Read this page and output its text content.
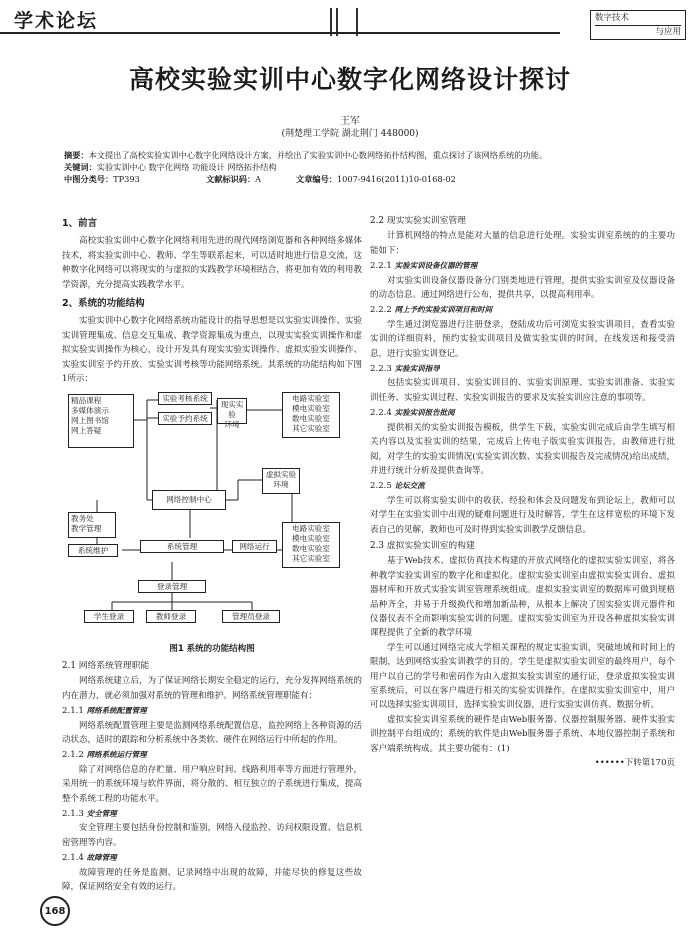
学术论坛	数字技术
与应用
高校实验实训中心数字化网络设计探讨
王军
(荆楚理工学院 湖北荆门 448000)
摘要：本文提出了高校实验实训中心数字化网络设计方案，并绘出了实验实训中心数网络拓扑结构图，重点探讨了该网络系统的功能。
关键词：实验实训中心 数字化网络 功能设计 网络拓扑结构
中图分类号：TP393	文献标识码：A	文章编号：1007-9416(2011)10-0168-02
1、前言

高校实验实训中心数字化网络利用先进的现代网络浏览器和各种网络多媒体技术，将实验实训中心、教师、学生等联系起来，可以适时地进行信息交流，这种数字化网络可以将现实的与虚拟的实践教学环境相结合，将更加有效的利用教学资源，充分提高实践教学水平。

2、系统的功能结构

实验实训中心数字化网络系统功能设计的指导思想是以实验实训操作、实验实训管理集成、信息交互集成、教学资源集成为重点，以现实实验实训操作和虚拟实验实训操作为核心，设计开发具有现实实验实训操作、虚拟实验实训操作、实验实训室予约开放、实验实训考核等功能网络系统。其系统的功能结构如下图1所示：

精品课程
多媒体演示
网上图书馆
网上答疑
实验考核系统
实验予约系统
现实实验
环境
电路实验室
模电实验室
数电实验室
其它实验室
网络控制中心
虚拟实验
环境
教务处
教学管理
系统维护	系统管理	网络运行
电路实验室
模电实验室
数电实验室
其它实验室
登录管理
学生登录	教师登录	管理员登录
图1 系统的功能结构图
2.1 网络系统管理职能

网络系统建立后，为了保证网络长期安全稳定的运行，充分发挥网络系统的内在潜力，就必须加强对系统的管理和维护。网络系统管理职能有：

2.1.1 网络系统配置管理

网络系统配置管理主要是监测网络系统配置信息，监控网络上各种资源的活动状态，适时的跟踪和分析系统中各类软、硬件在网络运行中所起的作用。

2.1.2 网络系统运行管理

除了对网络信息的存贮量、用户响应时间、线路利用率等方面进行管理外，采用统一的系统环境与软件界面，将分散的、相互独立的子系统进行集成，提高整个系统工程的功能水平。

2.1.3 安全管理

安全管理主要包括身份控制和鉴别，网络入侵监控、访问权限设置、信息机密管理等内容。

2.1.4 故障管理

故障管理的任务是监测、记录网络中出现的故障，并能尽快的修复这些故障，保证网络安全有效的运行。

2.2 现实实验实训室管理

计算机网络的特点是能对大量的信息进行处理。实验实训室系统的的主要功能如下：

2.2.1 实验实训设备仪器的管理

对实验实训设备仪器设备分门别类地进行管理，提供实验实训室及仪器设备的动态信息。通过网络进行公布，提供共享，以提高利用率。

2.2.2 网上予约实验实训项目和时间

学生通过浏览器进行注册登录，登陆成功后可浏览实验实训项目，查看实验实训的详细资料，预约实验实训项目及做实验实训的时间，在线发送和接受消息，进行实验实训登记。

2.2.3 实验实训指导

包括实验实训项目、实验实训目的、实验实训原理、实验实训准备、实验实训任务、实验实训过程、实验实训报告的要求及实验实训应注意的事项等。

2.2.4 实验实训报告批阅

提供相关的实验实训报告模板，供学生下载，实验实训完成后由学生填写相关内容以及实验实训的结果，完成后上传电子版实验实训报告，由教师进行批阅，对学生的实验实训情况(实验实训次数、实验实训报告及完成情况)给出成绩，并进行统计分析及提供查询等。

2.2.5 论坛交流

学生可以将实验实训中的收获、经验和体会及问题发布到论坛上，教师可以对学生在实验实训中出现的疑难问题进行及时解答，学生在这样宽松的环境下发表自己的见解，教师也可及时得到实验实训教学反馈信息。

2.3 虚拟实验实训室的构建

基于Web技术、虚拟仿真技术构建的开放式网络化的虚拟实验实训室，将各种教学实验实训室的数字化和虚拟化。虚拟实验实训室由虚拟实验实训台、虚拟器材库和开放式实验实训室管理系统组成。虚拟实验实训室的数据库可做到规格品种齐全，并易于升级换代和增加新品种，从根本上解决了因实验实训元器件和仪器仪表不全而影响实验实训的问题。虚拟实验实训室为开设各种虚拟实验实训课程提供了全新的教学环境

学生可以通过网络完成大学相关课程的规定实验实训，突破地域和时间上的限制，达到网络实验实训教学的目的。学生是虚拟实验实训室的最终用户，每个用户以自己的学号和密码作为由入虚拟实验实训室的通行证，登录虚拟实验实训室系统后，可以在客户端进行相关的实验实训操作。在虚拟实验实训室中，用户可以选择实验实训项目，选择实验实训仪器，进行实验实训仿真、数据分析。

虚拟实验实训室系统的硬件是由Web服务器、仪器控制服务器、硬件实验实训控制平台组成的；系统的软件是由Web服务器子系统、本地仪器控制子系统和客户端系统构成。其主要功能有：(1)

••••••下转第170页
168
